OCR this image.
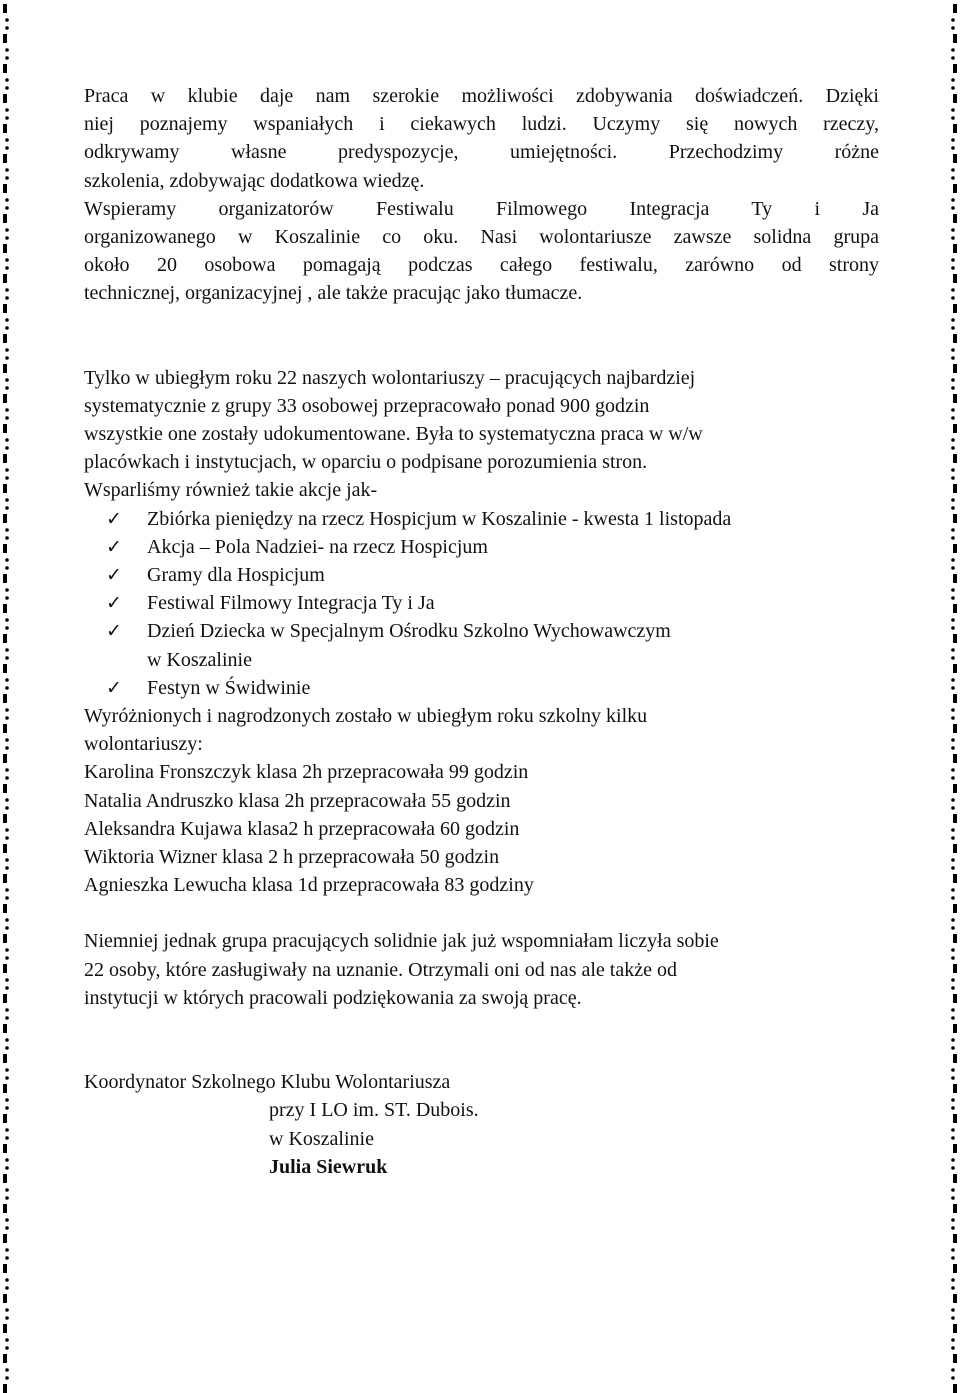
Praca w klubie daje nam szerokie możliwości zdobywania doświadczeń. Dzięki
niej poznajemy wspaniałych i ciekawych ludzi. Uczymy się nowych rzeczy,
odkrywamy własne predyspozycje, umiejętności. Przechodzimy różne
szkolenia, zdobywając dodatkowa wiedzę.
Wspieramy organizatorów Festiwalu Filmowego Integracja Ty i Ja
organizowanego w Koszalinie co oku. Nasi wolontariusze zawsze solidna grupa
około 20 osobowa pomagają podczas całego festiwalu, zarówno od strony
technicznej, organizacyjnej , ale także pracując jako tłumacze.

Tylko w ubiegłym roku 22 naszych wolontariuszy – pracujących najbardziej
systematycznie z grupy 33 osobowej przepracowało ponad 900 godzin
wszystkie one zostały udokumentowane. Była to systematyczna praca w w/w
placówkach i instytucjach, w oparciu o podpisane porozumienia stron.
Wsparliśmy również takie akcje jak-

✓ Zbiórka pieniędzy na rzecz Hospicjum w Koszalinie - kwesta 1 listopada
✓ Akcja – Pola Nadziei- na rzecz Hospicjum
✓ Gramy dla Hospicjum
✓ Festiwal Filmowy Integracja Ty i Ja
✓ Dzień Dziecka w Specjalnym Ośrodku Szkolno Wychowawczym
w Koszalinie
✓ Festyn w Świdwinie

Wyróżnionych i nagrodzonych zostało w ubiegłym roku szkolny kilku
wolontariuszy:

Karolina Fronszczyk klasa 2h przepracowała 99 godzin
Natalia Andruszko klasa 2h przepracowała 55 godzin
Aleksandra Kujawa klasa2 h przepracowała 60 godzin
Wiktoria Wizner klasa 2 h przepracowała 50 godzin
Agnieszka Lewucha klasa 1d przepracowała 83 godziny

Niemniej jednak grupa pracujących solidnie jak już wspomniałam liczyła sobie
22 osoby, które zasługiwały na uznanie. Otrzymali oni od nas ale także od
instytucji w których pracowali podziękowania za swoją pracę.

Koordynator Szkolnego Klubu Wolontariusza
przy I LO im. ST. Dubois.
w Koszalinie
Julia Siewruk
